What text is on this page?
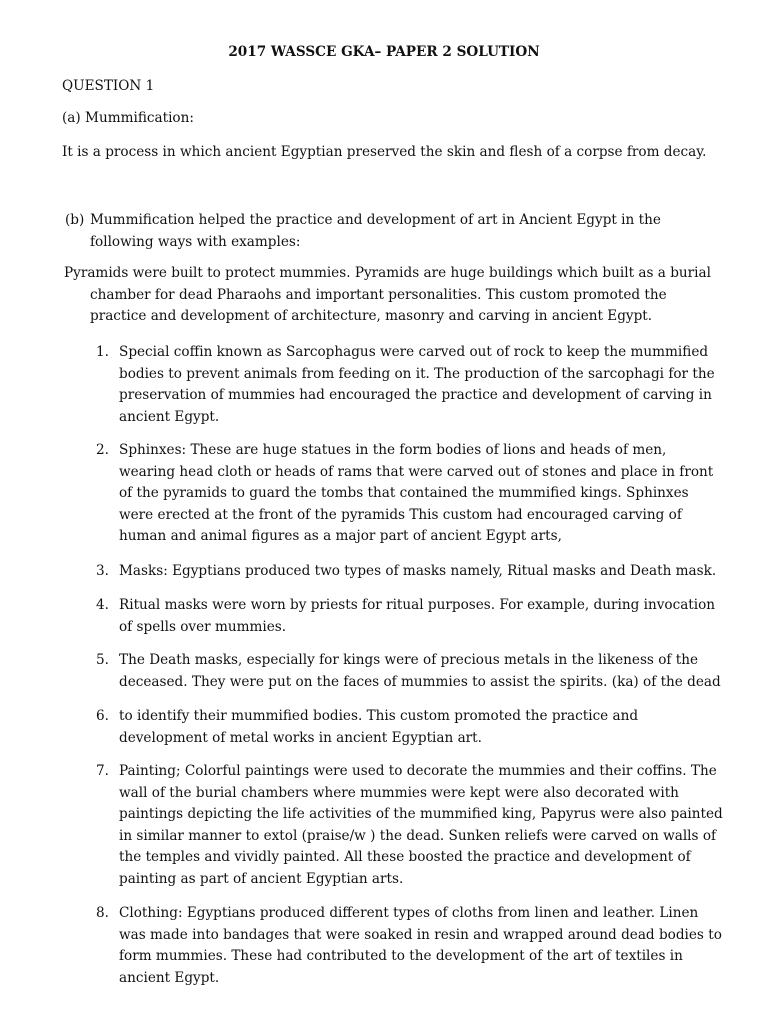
2017 WASSCE GKA– PAPER 2 SOLUTION
QUESTION 1
(a) Mummification:
It is a process in which ancient Egyptian preserved the skin and flesh of a corpse from decay.
(b) Mummification helped the practice and development of art in Ancient Egypt in the following ways with examples:
Pyramids were built to protect mummies. Pyramids are huge buildings which built as a burial
chamber for dead Pharaohs and important personalities. This custom promoted the practice and development of architecture, masonry and carving in ancient Egypt.
1. Special coffin known as Sarcophagus were carved out of rock to keep the mummified bodies to prevent animals from feeding on it. The production of the sarcophagi for the preservation of mummies had encouraged the practice and development of carving in ancient Egypt.
2. Sphinxes: These are huge statues in the form bodies of lions and heads of men, wearing head cloth or heads of rams that were carved out of stones and place in front of the pyramids to guard the tombs that contained the mummified kings. Sphinxes were erected at the front of the pyramids This custom had encouraged carving of human and animal figures as a major part of ancient Egypt arts,
3. Masks: Egyptians produced two types of masks namely, Ritual masks and Death mask.
4. Ritual masks were worn by priests for ritual purposes. For example, during invocation of spells over mummies.
5. The Death masks, especially for kings were of precious metals in the likeness of the deceased. They were put on the faces of mummies to assist the spirits. (ka) of the dead
6. to identify their mummified bodies. This custom promoted the practice and development of metal works in ancient Egyptian art.
7. Painting; Colorful paintings were used to decorate the mummies and their coffins. The wall of the burial chambers where mummies were kept were also decorated with paintings depicting the life activities of the mummified king, Papyrus were also painted in similar manner to extol (praise/w ) the dead. Sunken reliefs were carved on walls of the temples and vividly painted. All these boosted the practice and development of painting as part of ancient Egyptian arts.
8. Clothing: Egyptians produced different types of cloths from linen and leather. Linen was made into bandages that were soaked in resin and wrapped around dead bodies to form mummies. These had contributed to the development of the art of textiles in ancient Egypt.
